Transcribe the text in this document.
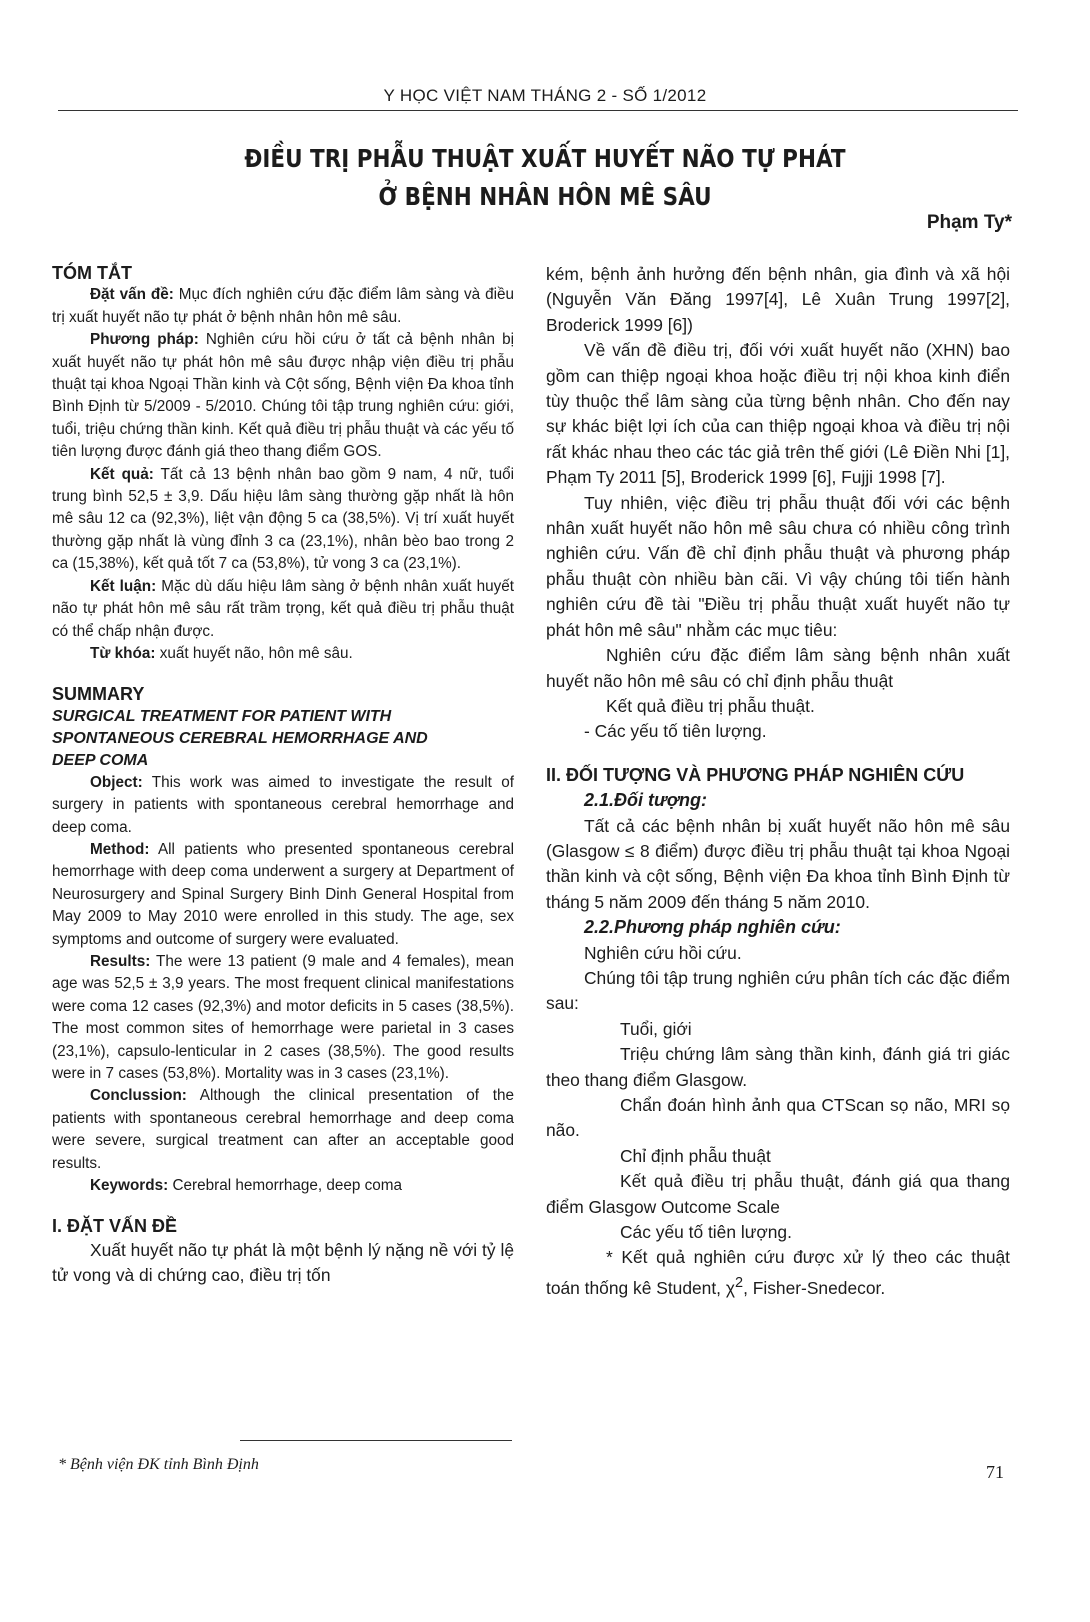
Y HỌC VIỆT NAM THÁNG 2 - SỐ 1/2012
ĐIỀU TRỊ PHẪU THUẬT XUẤT HUYẾT NÃO TỰ PHÁT
Ở BỆNH NHÂN HÔN MÊ SÂU
Phạm Ty*

TÓM TẮT

Đặt vấn đề: Mục đích nghiên cứu đặc điểm lâm sàng và điều trị xuất huyết não tự phát ở bệnh nhân hôn mê sâu.

Phương pháp: Nghiên cứu hồi cứu ở tất cả bệnh nhân bị xuất huyết não tự phát hôn mê sâu được nhập viện điều trị phẫu thuật tại khoa Ngoại Thần kinh và Cột sống, Bệnh viện Đa khoa tỉnh Bình Định từ 5/2009 - 5/2010. Chúng tôi tập trung nghiên cứu: giới, tuổi, triệu chứng thần kinh. Kết quả điều trị phẫu thuật và các yếu tố tiên lượng được đánh giá theo thang điểm GOS.

Kết quả: Tất cả 13 bệnh nhân bao gồm 9 nam, 4 nữ, tuổi trung bình 52,5 ± 3,9. Dấu hiệu lâm sàng thường gặp nhất là hôn mê sâu 12 ca (92,3%), liệt vận động 5 ca (38,5%). Vị trí xuất huyết thường gặp nhất là vùng đỉnh 3 ca (23,1%), nhân bèo bao trong 2 ca (15,38%), kết quả tốt 7 ca (53,8%), tử vong 3 ca (23,1%).

Kết luận: Mặc dù dấu hiệu lâm sàng ở bệnh nhân xuất huyết não tự phát hôn mê sâu rất trầm trọng, kết quả điều trị phẫu thuật có thể chấp nhận được.

Từ khóa: xuất huyết não, hôn mê sâu.

SUMMARY

SURGICAL TREATMENT FOR PATIENT WITH

SPONTANEOUS CEREBRAL HEMORRHAGE AND

DEEP COMA

Object: This work was aimed to investigate the result of surgery in patients with spontaneous cerebral hemorrhage and deep coma.

Method: All patients who presented spontaneous cerebral hemorrhage with deep coma underwent a surgery at Department of Neurosurgery and Spinal Surgery Binh Dinh General Hospital from May 2009 to May 2010 were enrolled in this study. The age, sex symptoms and outcome of surgery were evaluated.

Results: The were 13 patient (9 male and 4 females), mean age was 52,5 ± 3,9 years. The most frequent clinical manifestations were coma 12 cases (92,3%) and motor deficits in 5 cases (38,5%). The most common sites of hemorrhage were parietal in 3 cases (23,1%), capsulo-lenticular in 2 cases (38,5%). The good results were in 7 cases (53,8%). Mortality was in 3 cases (23,1%).

Conclussion: Although the clinical presentation of the patients with spontaneous cerebral hemorrhage and deep coma were severe, surgical treatment can after an acceptable good results.

Keywords: Cerebral hemorrhage, deep coma

I. ĐẶT VẤN ĐỀ

Xuất huyết não tự phát là một bệnh lý nặng nề với tỷ lệ tử vong và di chứng cao, điều trị tốn

kém, bệnh ảnh hưởng đến bệnh nhân, gia đình và xã hội (Nguyễn Văn Đăng 1997[4], Lê Xuân Trung 1997[2], Broderick 1999 [6])

Về vấn đề điều trị, đối với xuất huyết não (XHN) bao gồm can thiệp ngoại khoa hoặc điều trị nội khoa kinh điển tùy thuộc thể lâm sàng của từng bệnh nhân. Cho đến nay sự khác biệt lợi ích của can thiệp ngoại khoa và điều trị nội rất khác nhau theo các tác giả trên thế giới (Lê Điền Nhi [1], Phạm Ty 2011 [5], Broderick 1999 [6], Fujji 1998 [7].

Tuy nhiên, việc điều trị phẫu thuật đối với các bệnh nhân xuất huyết não hôn mê sâu chưa có nhiều công trình nghiên cứu. Vấn đề chỉ định phẫu thuật và phương pháp phẫu thuật còn nhiều bàn cãi. Vì vậy chúng tôi tiến hành nghiên cứu đề tài "Điều trị phẫu thuật xuất huyết não tự phát hôn mê sâu" nhằm các mục tiêu:

Nghiên cứu đặc điểm lâm sàng bệnh nhân xuất huyết não hôn mê sâu có chỉ định phẫu thuật

Kết quả điều trị phẫu thuật.

- Các yếu tố tiên lượng.

II. ĐỐI TƯỢNG VÀ PHƯƠNG PHÁP NGHIÊN CỨU

2.1.Đối tượng:

Tất cả các bệnh nhân bị xuất huyết não hôn mê sâu (Glasgow ≤ 8 điểm) được điều trị phẫu thuật tại khoa Ngoại thần kinh và cột sống, Bệnh viện Đa khoa tỉnh Bình Định từ tháng 5 năm 2009 đến tháng 5 năm 2010.

2.2.Phương pháp nghiên cứu:

Nghiên cứu hồi cứu.

Chúng tôi tập trung nghiên cứu phân tích các đặc điểm sau:

Tuổi, giới

Triệu chứng lâm sàng thần kinh, đánh giá tri giác theo thang điểm Glasgow.

Chẩn đoán hình ảnh qua CTScan sọ não, MRI sọ não.

Chỉ định phẫu thuật

Kết quả điều trị phẫu thuật, đánh giá qua thang điểm Glasgow Outcome Scale

Các yếu tố tiên lượng.

* Kết quả nghiên cứu được xử lý theo các thuật toán thống kê Student, $\chi^2$, Fisher-Snedecor.

* Bệnh viện ĐK tỉnh Bình Định	71
